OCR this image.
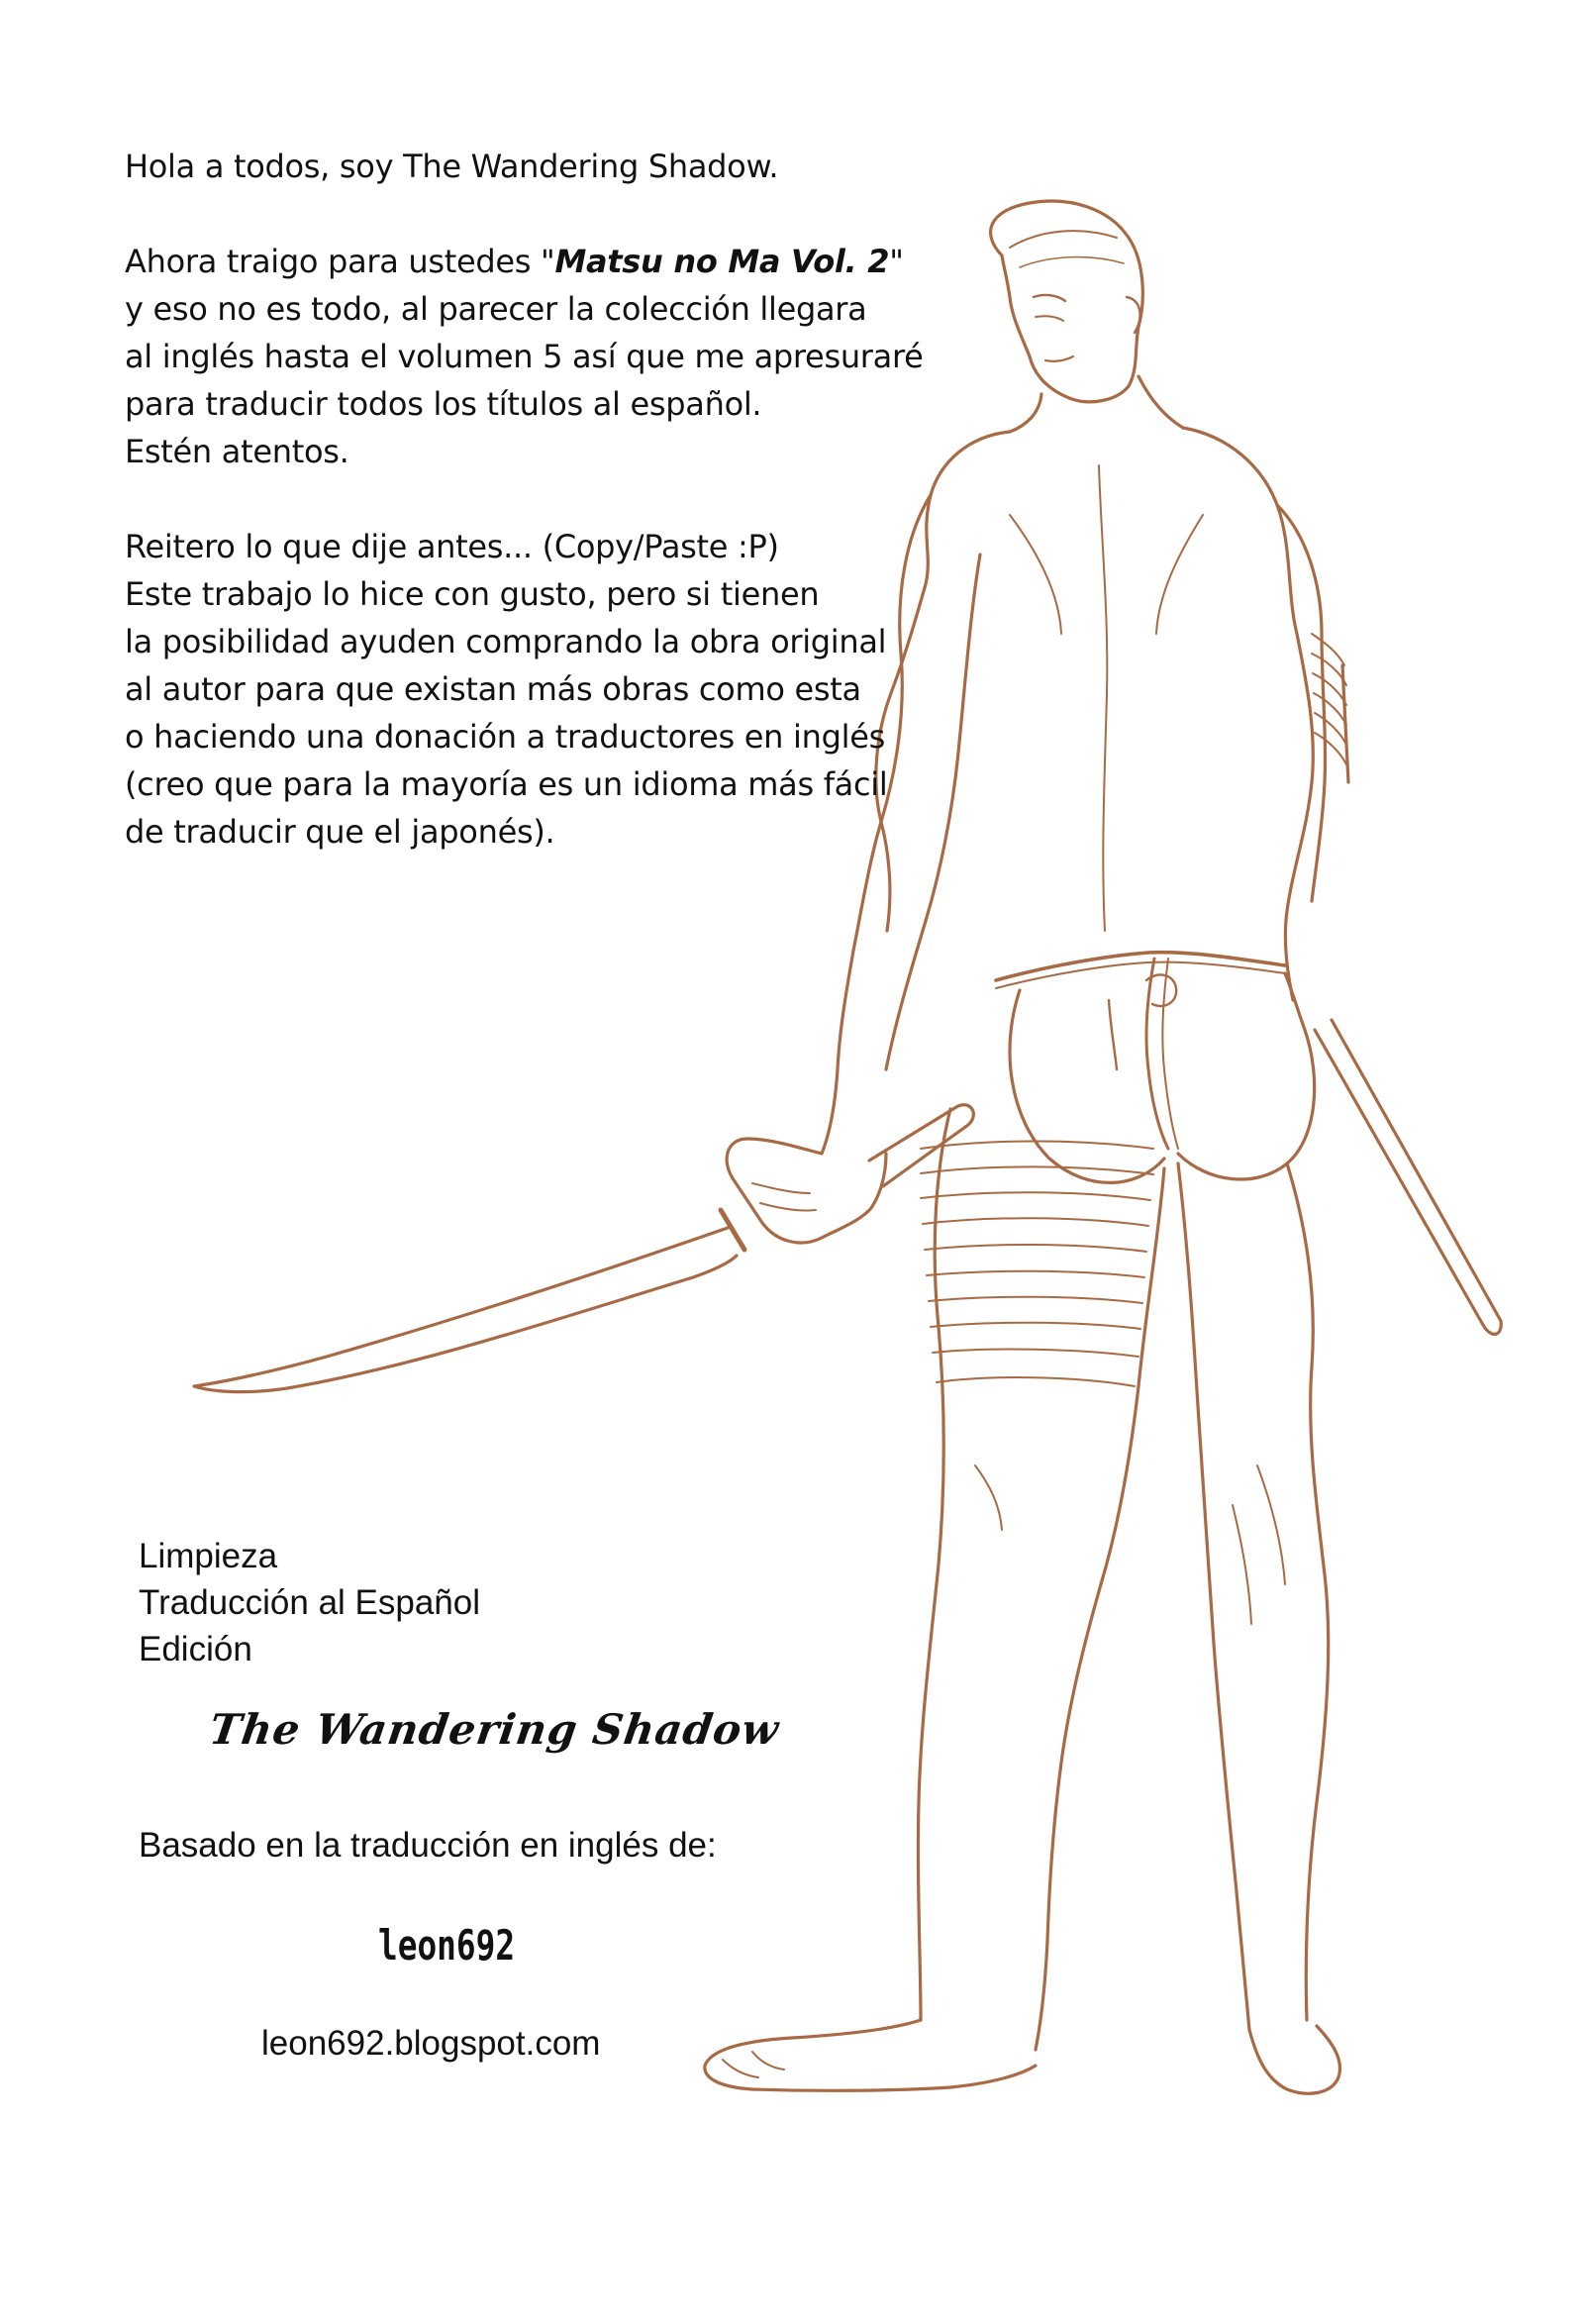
Hola a todos, soy The Wandering Shadow.
Ahora traigo para ustedes "Matsu no Ma Vol. 2"
y eso no es todo, al parecer la colección llegara
al inglés hasta el volumen 5 así que me apresuraré
para traducir todos los títulos al español.
Estén atentos.
Reitero lo que dije antes... (Copy/Paste :P)
Este trabajo lo hice con gusto, pero si tienen
la posibilidad ayuden comprando la obra original
al autor para que existan más obras como esta
o haciendo una donación a traductores en inglés
(creo que para la mayoría es un idioma más fácil
de traducir que el japonés).
Limpieza
Traducción al Español
Edición
The Wandering Shadow
Basado en la traducción en inglés de:
leon692
leon692.blogspot.com
